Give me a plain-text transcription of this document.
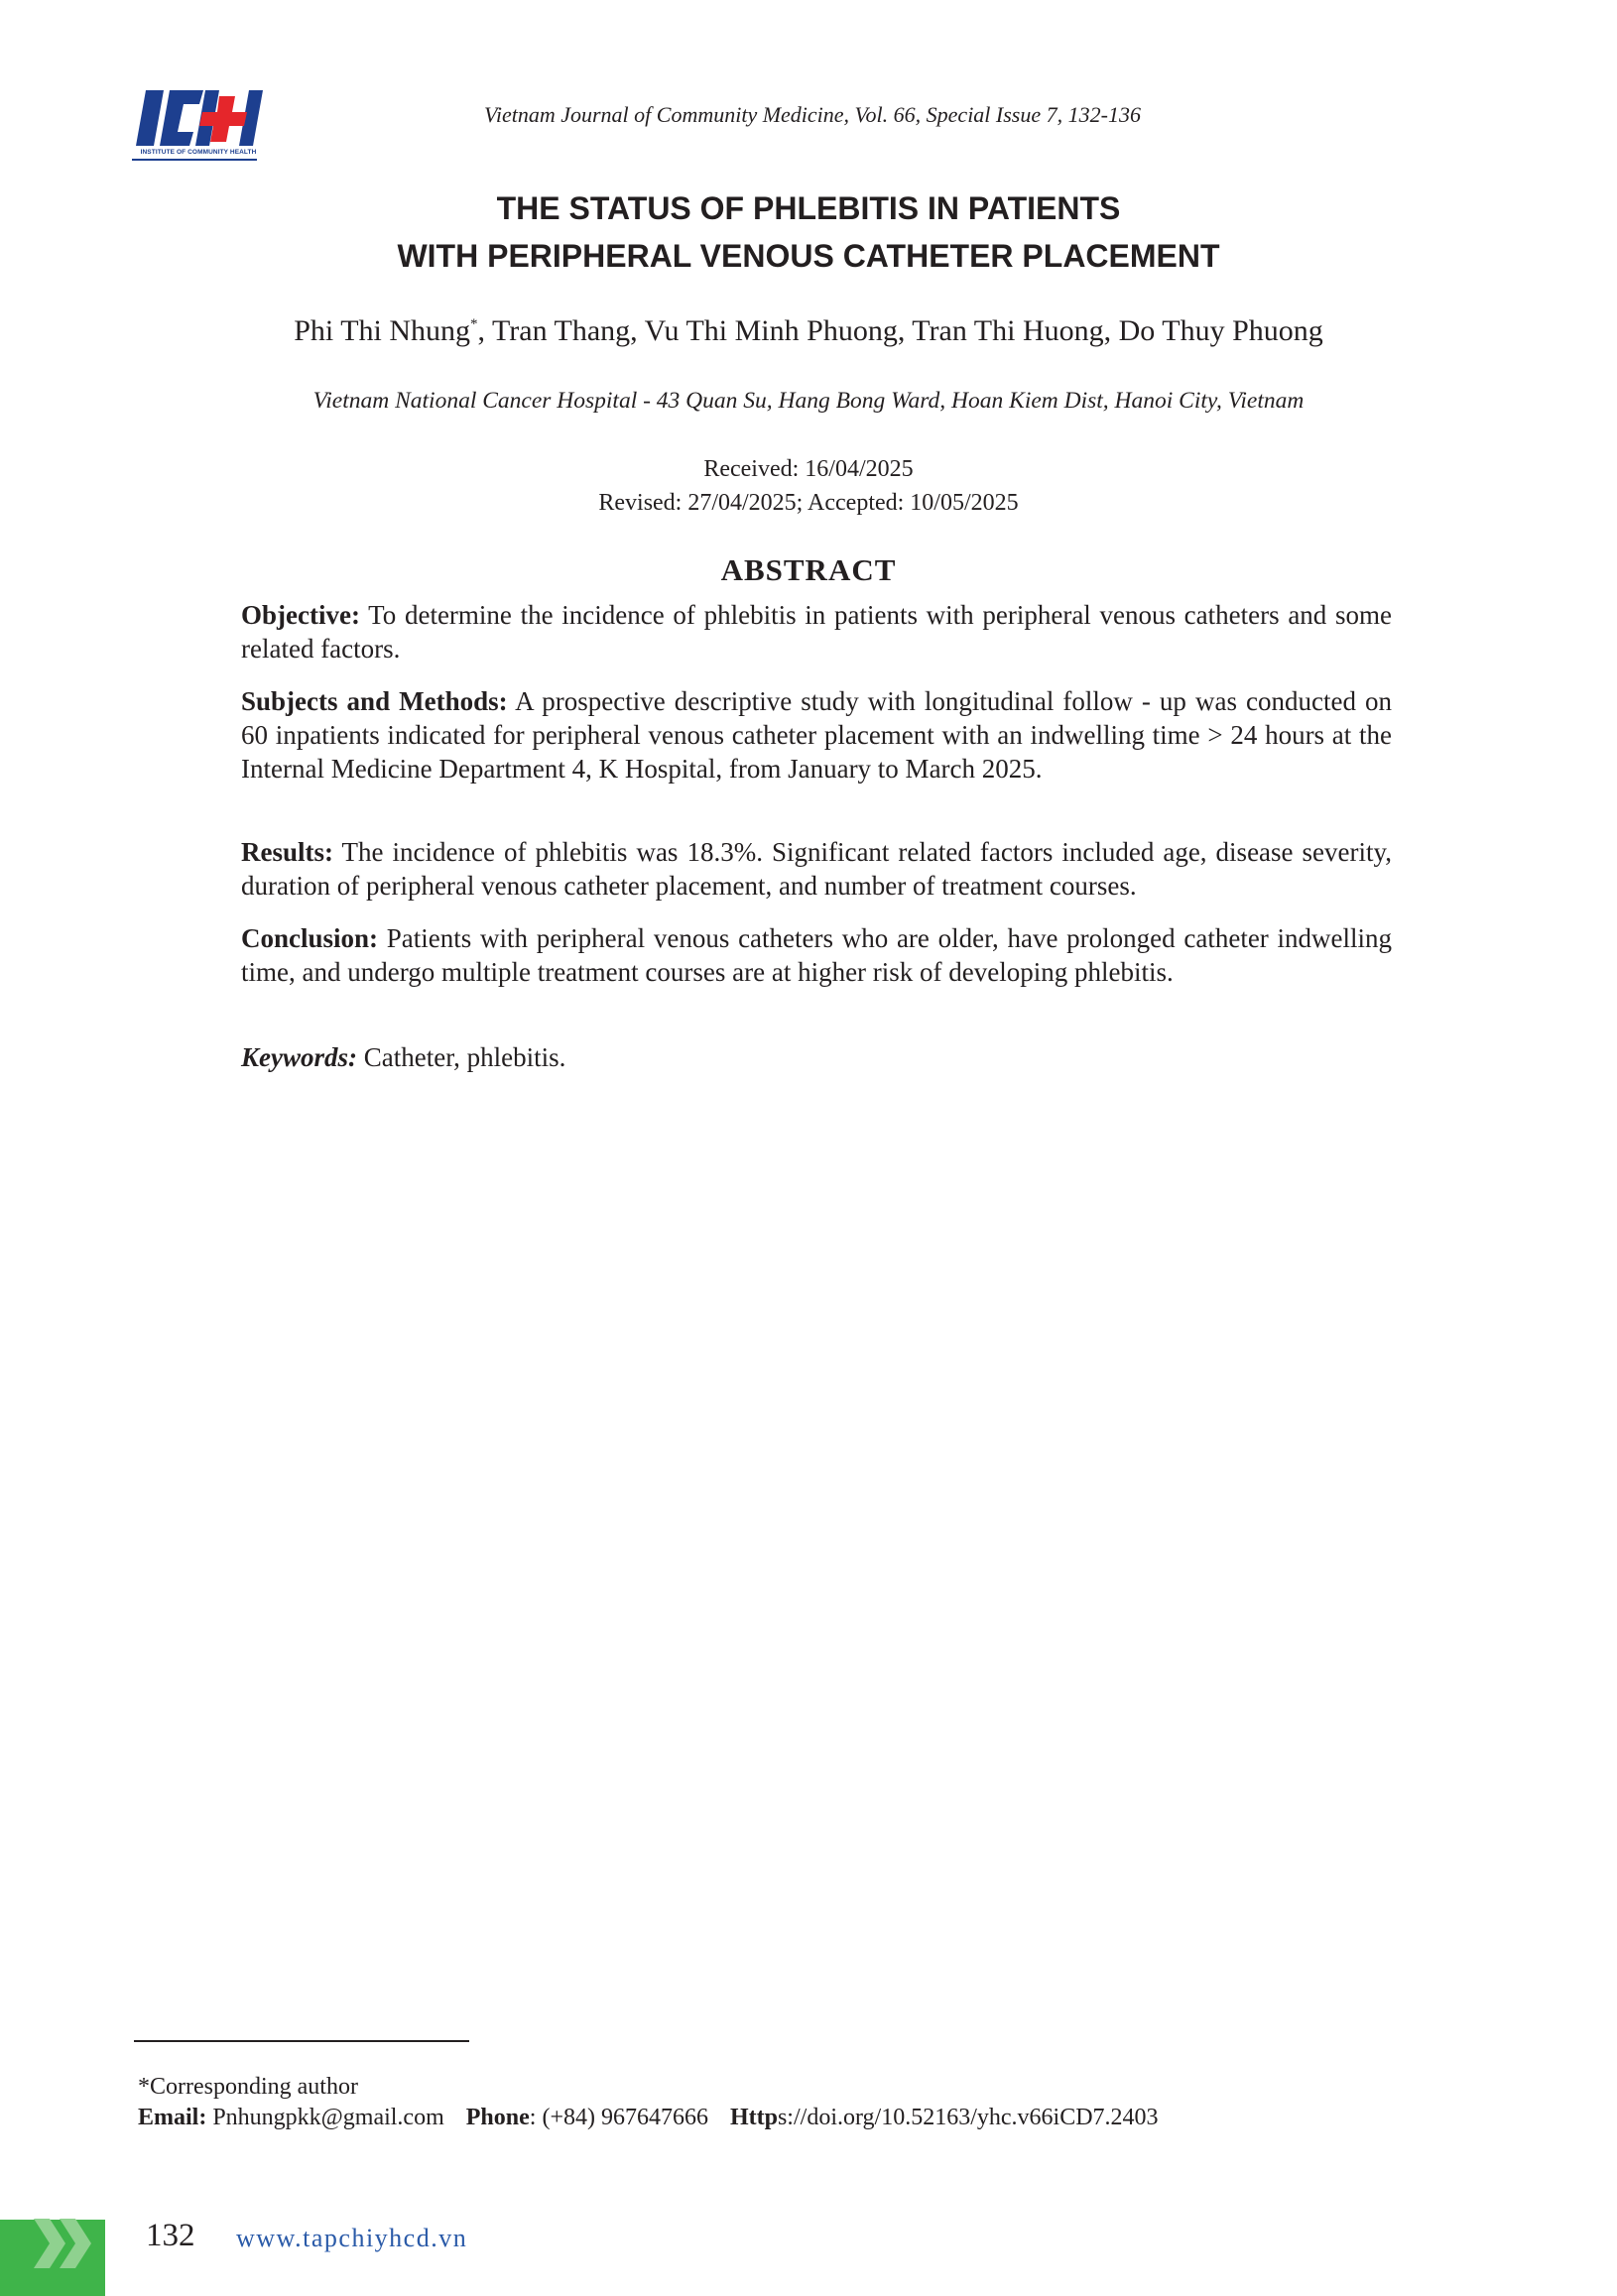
INSTITUTE OF COMMUNITY HEALTH
Vietnam Journal of Community Medicine, Vol. 66, Special Issue 7, 132-136
THE STATUS OF PHLEBITIS IN PATIENTS
WITH PERIPHERAL VENOUS CATHETER PLACEMENT
Phi Thi Nhung*, Tran Thang, Vu Thi Minh Phuong, Tran Thi Huong, Do Thuy Phuong
Vietnam National Cancer Hospital - 43 Quan Su, Hang Bong Ward, Hoan Kiem Dist, Hanoi City, Vietnam
Received: 16/04/2025
Revised: 27/04/2025; Accepted: 10/05/2025
ABSTRACT

Objective: To determine the incidence of phlebitis in patients with peripheral venous catheters and some related factors.

Subjects and Methods: A prospective descriptive study with longitudinal follow - up was conducted on 60 inpatients indicated for peripheral venous catheter placement with an indwelling time > 24 hours at the Internal Medicine Department 4, K Hospital, from January to March 2025.

Results: The incidence of phlebitis was 18.3%. Significant related factors included age, disease severity, duration of peripheral venous catheter placement, and number of treatment courses.

Conclusion: Patients with peripheral venous catheters who are older, have prolonged catheter indwelling time, and undergo multiple treatment courses are at higher risk of developing phlebitis.

Keywords: Catheter, phlebitis.

*Corresponding author
Email: Pnhungpkk@gmail.com Phone: (+84) 967647666 Https://doi.org/10.52163/yhc.v66iCD7.2403
132 www.tapchiyhcd.vn
